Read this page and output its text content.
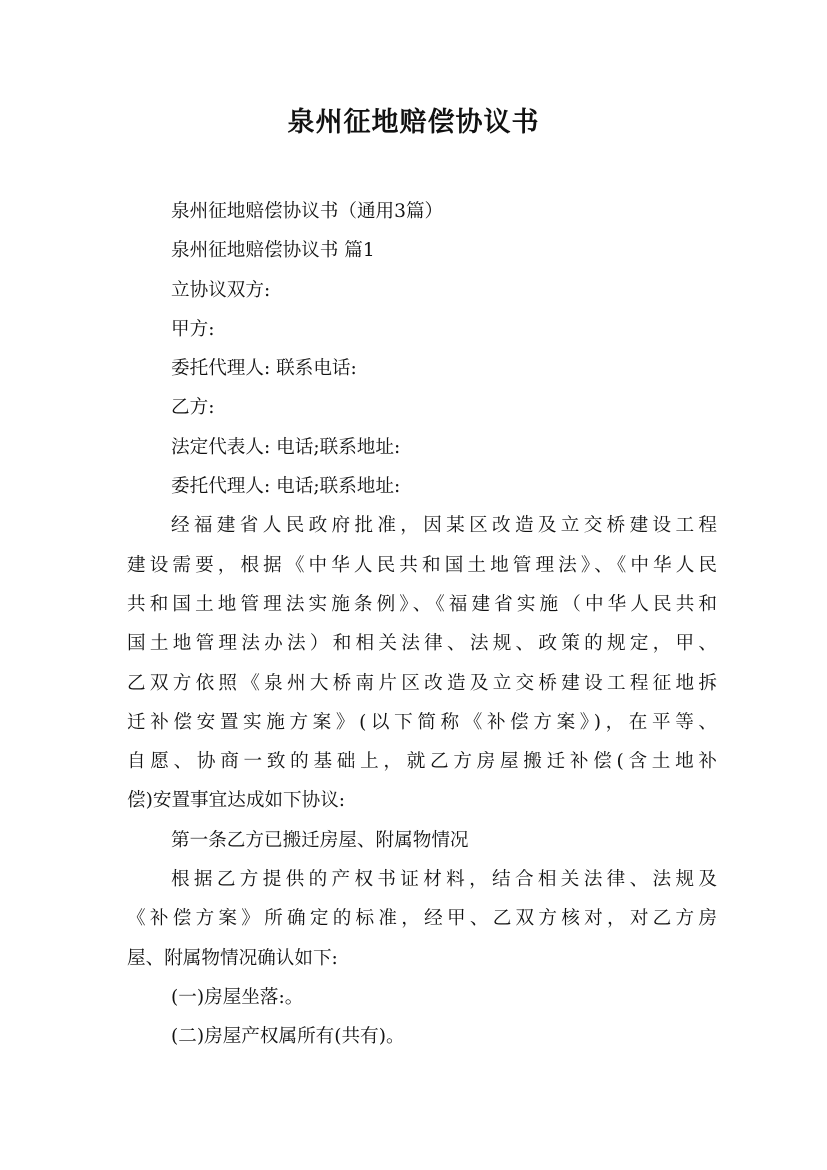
泉州征地赔偿协议书
泉州征地赔偿协议书（通用3篇）
泉州征地赔偿协议书 篇1
立协议双方:
甲方:
委托代理人: 联系电话:
乙方:
法定代表人: 电话;联系地址:
委托代理人: 电话;联系地址:
经福建省人民政府批准，因某区改造及立交桥建设工程
建设需要，根据《中华人民共和国土地管理法》、《中华人民
共和国土地管理法实施条例》、《福建省实施（中华人民共和
国土地管理法办法）和相关法律、法规、政策的规定，甲、
乙双方依照《泉州大桥南片区改造及立交桥建设工程征地拆
迁补偿安置实施方案》(以下简称《补偿方案》)，在平等、
自愿、协商一致的基础上，就乙方房屋搬迁补偿(含土地补
偿)安置事宜达成如下协议:
第一条乙方已搬迁房屋、附属物情况
根据乙方提供的产权书证材料，结合相关法律、法规及
《补偿方案》所确定的标准，经甲、乙双方核对，对乙方房
屋、附属物情况确认如下:
(一)房屋坐落:。
(二)房屋产权属所有(共有)。
